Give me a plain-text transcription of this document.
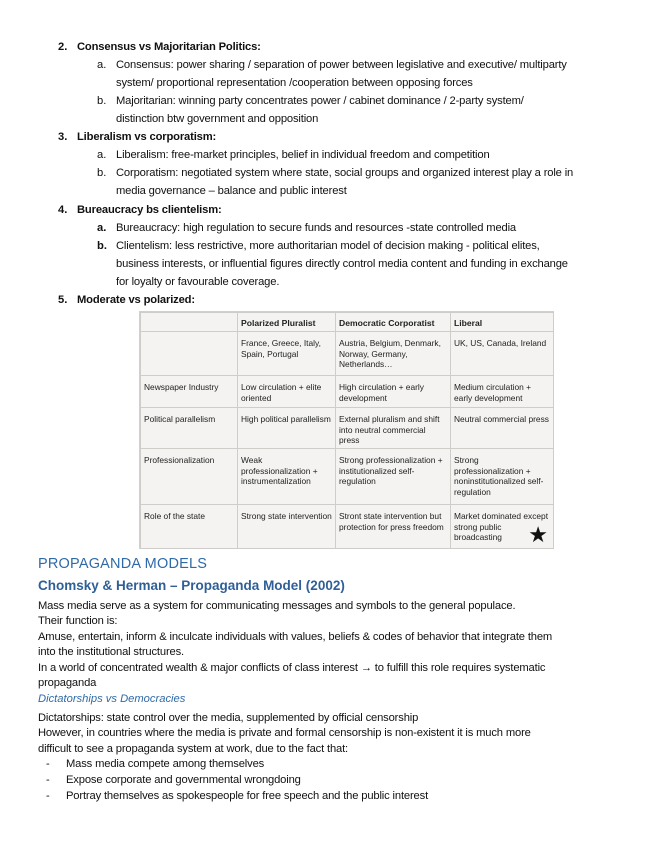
2. Consensus vs Majoritarian Politics:
a. Consensus: power sharing / separation of power between legislative and executive/ multiparty
system/ proportional representation /cooperation between opposing forces
b. Majoritarian: winning party concentrates power / cabinet dominance / 2-party system/
distinction btw government and opposition
3. Liberalism vs corporatism:
a. Liberalism: free-market principles, belief in individual freedom and competition
b. Corporatism: negotiated system where state, social groups and organized interest play a role in
media governance – balance and public interest
4. Bureaucracy bs clientelism:
a. Bureaucracy: high regulation to secure funds and resources -state controlled media
b. Clientelism: less restrictive, more authoritarian model of decision making - political elites,
business interests, or influential figures directly control media content and funding in exchange
for loyalty or favourable coverage.
5. Moderate vs polarized:
	Polarized Pluralist	Democratic Corporatist	Liberal
	France, Greece, Italy, Spain, Portugal	Austria, Belgium, Denmark, Norway, Germany, Netherlands…	UK, US, Canada, Ireland
Newspaper Industry	Low circulation + elite oriented	High circulation + early development	Medium circulation + early development
Political parallelism	High political parallelism	External pluralism and shift into neutral commercial press	Neutral commercial press
Professionalization	Weak professionalization + instrumentalization	Strong professionalization + institutionalized self-regulation	Strong professionalization + noninstitutionalized self-regulation
Role of the state	Strong state intervention	Stront state intervention but protection for press freedom	Market dominated except strong public broadcasting ★
PROPAGANDA MODELS
Chomsky & Herman – Propaganda Model (2002)
Mass media serve as a system for communicating messages and symbols to the general populace.
Their function is:
Amuse, entertain, inform & inculcate individuals with values, beliefs & codes of behavior that integrate them
into the institutional structures.
In a world of concentrated wealth & major conflicts of class interest → to fulfill this role requires systematic
propaganda
Dictatorships vs Democracies
Dictatorships: state control over the media, supplemented by official censorship
However, in countries where the media is private and formal censorship is non-existent it is much more
difficult to see a propaganda system at work, due to the fact that:
- Mass media compete among themselves
- Expose corporate and governmental wrongdoing
- Portray themselves as spokespeople for free speech and the public interest
